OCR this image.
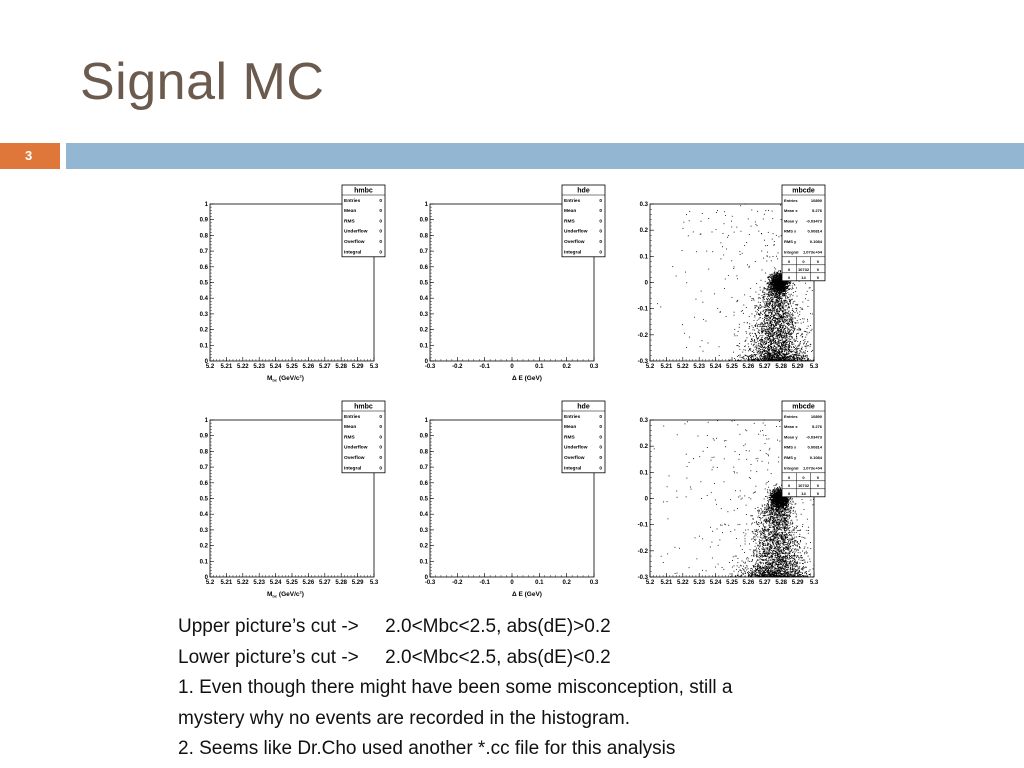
Signal MC
3
5.2 5.21 5.22 5.23 5.24 5.25 5.26 5.27 5.28 5.29 5.3
0
0.1
0.2
0.3
0.4
0.5
0.6
0.7
0.8
0.9
1
$M_{bc}$ $(GeV/c^2)$
hmbc
Entries	0
Mean	0
RMS	0
Underflow 0
Overflow	0
Integral	0
-0.3	-0.2	-0.1	0	0.1	0.2	0.3
0
0.1
0.2
0.3
0.4
0.5
0.6
0.7
0.8
0.9
1
Δ E (GeV)
hde
Entries	0
Mean	0
RMS	0
Underflow 0
Overflow	0
Integral	0
5.2 5.21 5.22 5.23 5.24 5.25 5.26 5.27 5.28 5.29 5.3
-0.3
-0.2
-0.1
0
0.1
0.2
0.3
mbcde
Entries	10890
Mean x	5.276
Mean y -0.03473
RMS x	0.00814
RMS y	0.1084
Integral 1.073e+04
0	0	0
0 10732 0
0	14	0
5.2 5.21 5.22 5.23 5.24 5.25 5.26 5.27 5.28 5.29 5.3
0
0.1
0.2
0.3
0.4
0.5
0.6
0.7
0.8
0.9
1
$M_{bc}$ $(GeV/c^2)$
hmbc
Entries	0
Mean	0
RMS	0
Underflow 0
Overflow	0
Integral	0
-0.3	-0.2	-0.1	0	0.1	0.2	0.3
0
0.1
0.2
0.3
0.4
0.5
0.6
0.7
0.8
0.9
1
Δ E (GeV)
hde
Entries	0
Mean	0
RMS	0
Underflow 0
Overflow	0
Integral	0
5.2 5.21 5.22 5.23 5.24 5.25 5.26 5.27 5.28 5.29 5.3
-0.3
-0.2
-0.1
0
0.1
0.2
0.3
mbcde
Entries	10890
Mean x	5.276
Mean y -0.03473
RMS x	0.00814
RMS y	0.1084
Integral 1.073e+04
0	0	0
0 10732 0
0	14	0
Upper picture’s cut ->     2.0<Mbc<2.5, abs(dE)>0.2
Lower picture’s cut ->     2.0<Mbc<2.5, abs(dE)<0.2
1. Even though there might have been some misconception, still a
mystery why no events are recorded in the histogram.
2. Seems like Dr.Cho used another *.cc file for this analysis
